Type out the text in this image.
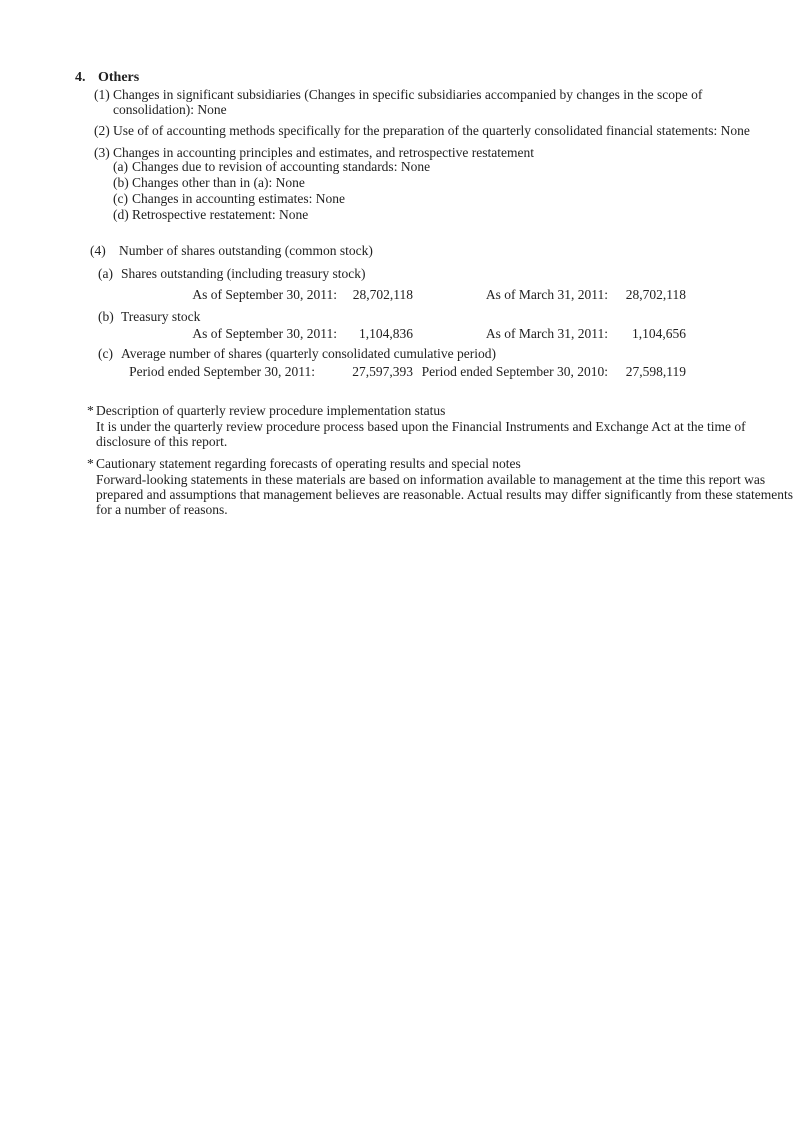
4. Others
(1) Changes in significant subsidiaries (Changes in specific subsidiaries accompanied by changes in the scope of
consolidation): None
(2) Use of of accounting methods specifically for the preparation of the quarterly consolidated financial statements: None
(3) Changes in accounting principles and estimates, and retrospective restatement
(a) Changes due to revision of accounting standards: None
(b) Changes other than in (a): None
(c) Changes in accounting estimates: None
(d) Retrospective restatement: None
(4) Number of shares outstanding (common stock)
(a) Shares outstanding (including treasury stock)
As of September 30, 2011:	28,702,118	As of March 31, 2011:	28,702,118
(b) Treasury stock
As of September 30, 2011:	1,104,836	As of March 31, 2011:	1,104,656
(c) Average number of shares (quarterly consolidated cumulative period)
Period ended September 30, 2011:	27,597,393 Period ended September 30, 2010:	27,598,119
* Description of quarterly review procedure implementation status
It is under the quarterly review procedure process based upon the Financial Instruments and Exchange Act at the time of
disclosure of this report.
* Cautionary statement regarding forecasts of operating results and special notes
Forward-looking statements in these materials are based on information available to management at the time this report was
prepared and assumptions that management believes are reasonable. Actual results may differ significantly from these statements
for a number of reasons.
